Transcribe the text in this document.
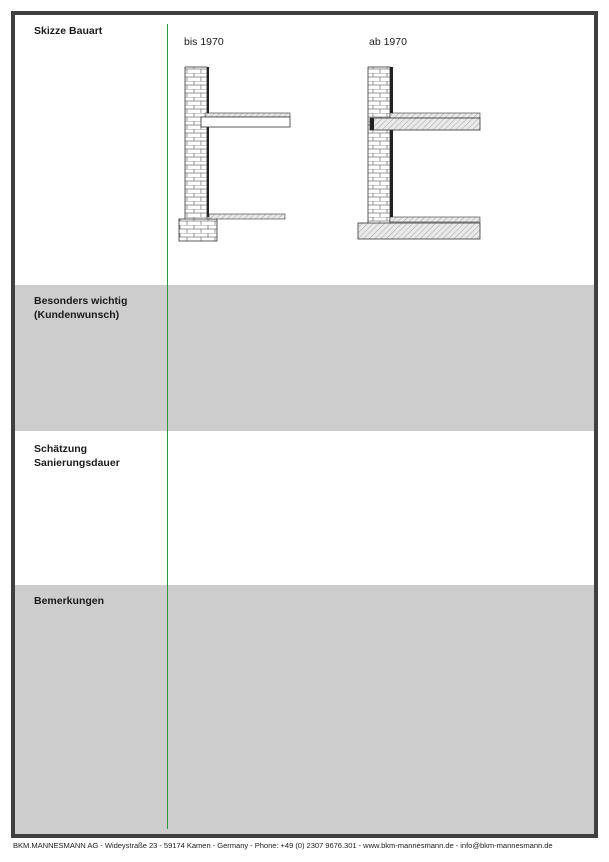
Skizze Bauart
bis 1970	ab 1970
Besonders wichtig
(Kundenwunsch)
Schätzung
Sanierungsdauer
Bemerkungen
BKM.MANNESMANN AG - Wideystraße 23 - 59174 Kamen - Germany - Phone: +49 (0) 2307 9676.301 - www.bkm-mannesmann.de - info@bkm-mannesmann.de
